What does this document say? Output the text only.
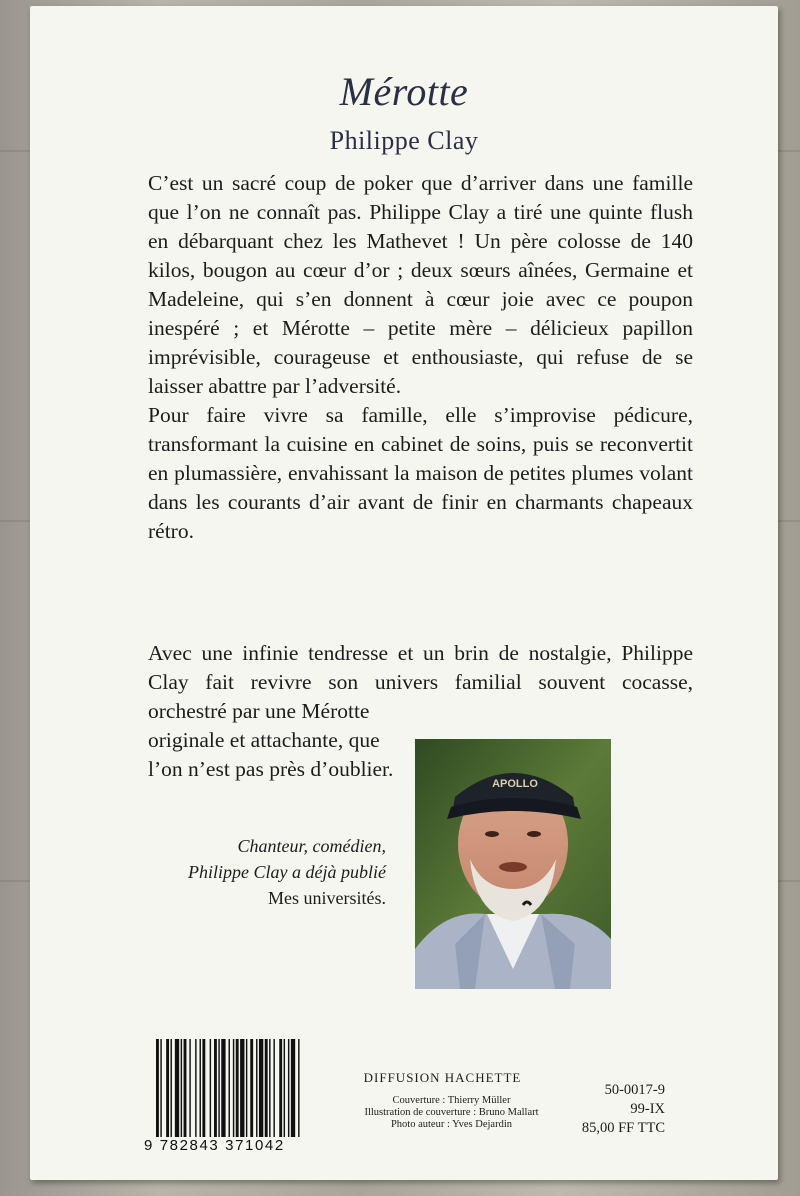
Mérotte
Philippe Clay

C’est un sacré coup de poker que d’arriver dans une famille que l’on ne connaît pas. Philippe Clay a tiré une quinte flush en débarquant chez les Mathevet ! Un père colosse de 140 kilos, bougon au cœur d’or ; deux sœurs aînées, Germaine et Madeleine, qui s’en donnent à cœur joie avec ce poupon inespéré ; et Mérotte – petite mère – délicieux papillon imprévisible, courageuse et enthousiaste, qui refuse de se laisser abattre par l’adversité.

Pour faire vivre sa famille, elle s’improvise pédicure, transformant la cuisine en cabinet de soins, puis se reconvertit en plumassière, envahissant la maison de petites plumes volant dans les courants d’air avant de finir en charmants chapeaux rétro.

Avec une infinie tendresse et un brin de nostalgie, Philippe Clay fait revivre son univers familial souvent cocasse, orchestré par une Mérotte

originale et attachante, que l’on n’est pas près d’oublier.

APOLLO
Chanteur, comédien, Philippe Clay a déjà publié Mes universités.
9 782843 371042
DIFFUSION HACHETTE
Couverture : Thierry Müller
Illustration de couverture : Bruno Mallart
Photo auteur : Yves Dejardin
50-0017-9
99-IX
85,00 FF TTC
